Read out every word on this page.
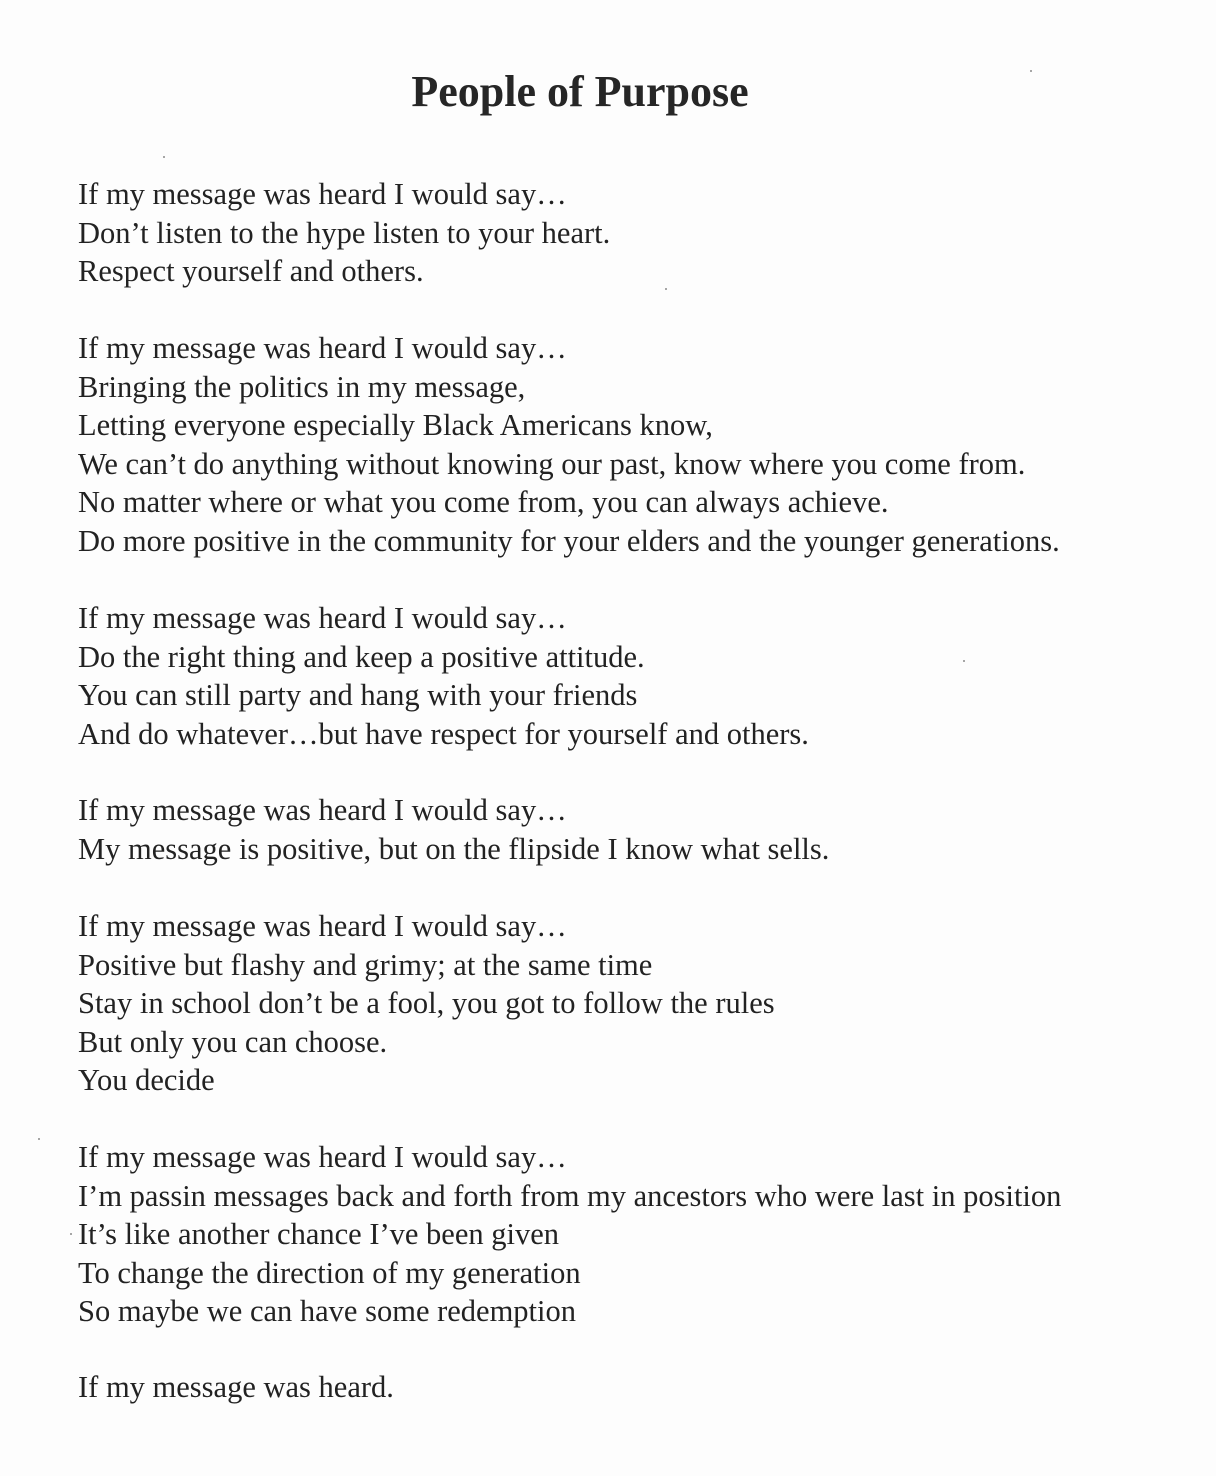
People of Purpose
If my message was heard I would say…
Don’t listen to the hype listen to your heart.
Respect yourself and others.
If my message was heard I would say…
Bringing the politics in my message,
Letting everyone especially Black Americans know,
We can’t do anything without knowing our past, know where you come from.
No matter where or what you come from, you can always achieve.
Do more positive in the community for your elders and the younger generations.
If my message was heard I would say…
Do the right thing and keep a positive attitude.
You can still party and hang with your friends
And do whatever…but have respect for yourself and others.
If my message was heard I would say…
My message is positive, but on the flipside I know what sells.
If my message was heard I would say…
Positive but flashy and grimy; at the same time
Stay in school don’t be a fool, you got to follow the rules
But only you can choose.
You decide
If my message was heard I would say…
I’m passin messages back and forth from my ancestors who were last in position
It’s like another chance I’ve been given
To change the direction of my generation
So maybe we can have some redemption
If my message was heard.
